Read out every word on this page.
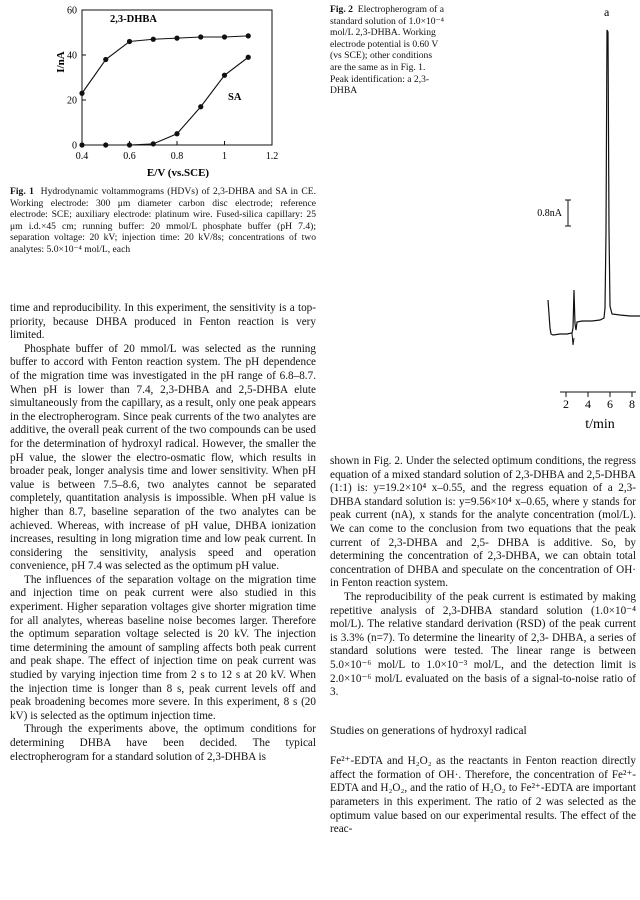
0.4	0.6	0.8	1	1.2
0
20
40
60
I/nA
E/V (vs.SCE)
2,3-DHBA
SA

Fig. 1 Hydrodynamic voltammograms (HDVs) of 2,3-DHBA and SA in CE. Working electrode: 300 μm diameter carbon disc electrode; reference electrode: SCE; auxiliary electrode: platinum wire. Fused-silica capillary: 25 μm i.d.×45 cm; running buffer: 20 mmol/L phosphate buffer (pH 7.4); separation voltage: 20 kV; injection time: 20 kV/8s; concentrations of two analytes: 5.0×10⁻⁴ mol/L, each

Fig. 2 Electropherogram of a standard solution of 1.0×10⁻⁴ mol/L 2,3-DHBA. Working electrode potential is 0.60 V (vs SCE); other conditions are the same as in Fig. 1. Peak identification: a 2,3-DHBA

a
0.8nA
2 4 6 8
t/min

time and reproducibility. In this experiment, the sensitivity is a top-priority, because DHBA produced in Fenton reaction is very limited.

Phosphate buffer of 20 mmol/L was selected as the running buffer to accord with Fenton reaction system. The pH dependence of the migration time was investigated in the pH range of 6.8–8.7. When pH is lower than 7.4, 2,3-DHBA and 2,5-DHBA elute simultaneously from the capillary, as a result, only one peak appears in the electropherogram. Since peak currents of the two analytes are additive, the overall peak current of the two compounds can be used for the determination of hydroxyl radical. However, the smaller the pH value, the slower the electro-osmatic flow, which results in broader peak, longer analysis time and lower sensitivity. When pH value is between 7.5–8.6, two analytes cannot be separated completely, quantitation analysis is impossible. When pH value is higher than 8.7, baseline separation of the two analytes can be achieved. Whereas, with increase of pH value, DHBA ionization increases, resulting in long migration time and low peak current. In considering the sensitivity, analysis speed and operation convenience, pH 7.4 was selected as the optimum pH value.

The influences of the separation voltage on the migration time and injection time on peak current were also studied in this experiment. Higher separation voltages give shorter migration time for all analytes, whereas baseline noise becomes larger. Therefore the optimum separation voltage selected is 20 kV. The injection time determining the amount of sampling affects both peak current and peak shape. The effect of injection time on peak current was studied by varying injection time from 2 s to 12 s at 20 kV. When the injection time is longer than 8 s, peak current levels off and peak broadening becomes more severe. In this experiment, 8 s (20 kV) is selected as the optimum injection time.

Through the experiments above, the optimum conditions for determining DHBA have been decided. The typical electropherogram for a standard solution of 2,3-DHBA is

shown in Fig. 2. Under the selected optimum conditions, the regress equation of a mixed standard solution of 2,3-DHBA and 2,5-DHBA (1:1) is: y=19.2×10⁴ x–0.55, and the regress equation of a 2,3-DHBA standard solution is: y=9.56×10⁴ x–0.65, where y stands for peak current (nA), x stands for the analyte concentration (mol/L). We can come to the conclusion from two equations that the peak current of 2,3-DHBA and 2,5- DHBA is additive. So, by determining the concentration of 2,3-DHBA, we can obtain total concentration of DHBA and speculate on the concentration of OH· in Fenton reaction system.

The reproducibility of the peak current is estimated by making repetitive analysis of 2,3-DHBA standard solution (1.0×10⁻⁴ mol/L). The relative standard derivation (RSD) of the peak current is 3.3% (n=7). To determine the linearity of 2,3- DHBA, a series of standard solutions were tested. The linear range is between 5.0×10⁻⁶ mol/L to 1.0×10⁻³ mol/L, and the detection limit is 2.0×10⁻⁶ mol/L evaluated on the basis of a signal-to-noise ratio of 3.

Studies on generations of hydroxyl radical

Fe²⁺-EDTA and H₂O₂ as the reactants in Fenton reaction directly affect the formation of OH·. Therefore, the concentration of Fe²⁺-EDTA and H₂O₂, and the ratio of H₂O₂ to Fe²⁺-EDTA are important parameters in this experiment. The ratio of 2 was selected as the optimum value based on our experimental results. The effect of the reac-
